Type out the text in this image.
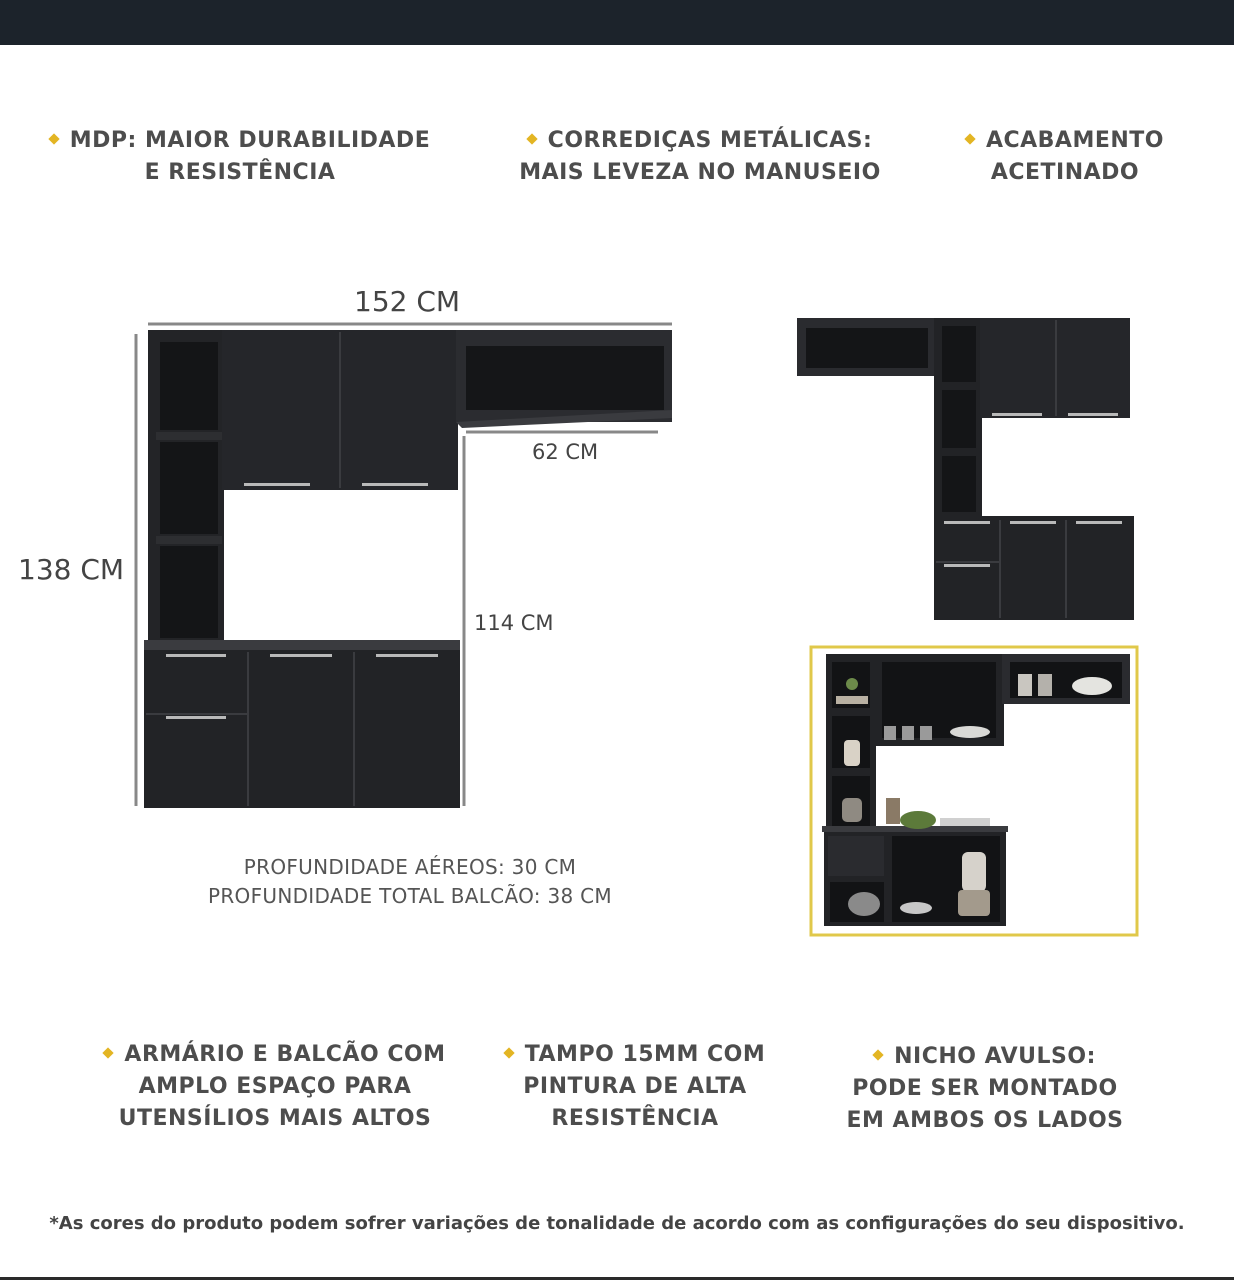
MDP: MAIOR DURABILIDADE
E RESISTÊNCIA
CORREDIÇAS METÁLICAS:
MAIS LEVEZA NO MANUSEIO
ACABAMENTO
ACETINADO
152 CM
138 CM
62 CM
114 CM
PROFUNDIDADE AÉREOS: 30 CM
PROFUNDIDADE TOTAL BALCÃO: 38 CM
ARMÁRIO E BALCÃO COM
AMPLO ESPAÇO PARA
UTENSÍLIOS MAIS ALTOS
TAMPO 15MM COM
PINTURA DE ALTA
RESISTÊNCIA
NICHO AVULSO:
PODE SER MONTADO
EM AMBOS OS LADOS
*As cores do produto podem sofrer variações de tonalidade de acordo com as configurações do seu dispositivo.
